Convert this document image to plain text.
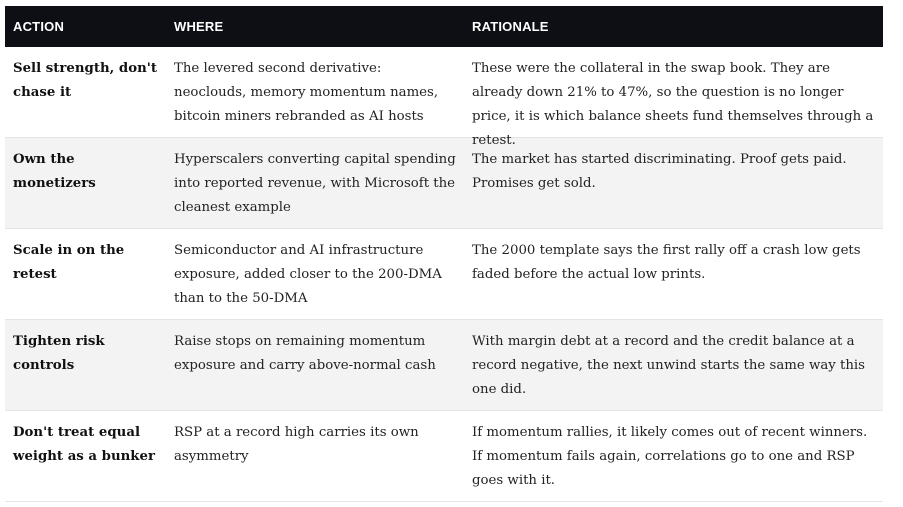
ACTION	WHERE	RATIONALE
Sell strength, don't chase it
The levered second derivative: neoclouds, memory momentum names, bitcoin miners rebranded as AI hosts
These were the collateral in the swap book. They are already down 21% to 47%, so the question is no longer price, it is which balance sheets fund themselves through a retest.
Own the monetizers
Hyperscalers converting capital spending into reported revenue, with Microsoft the cleanest example
The market has started discriminating. Proof gets paid. Promises get sold.
Scale in on the retest
Semiconductor and AI infrastructure exposure, added closer to the 200-DMA than to the 50-DMA
The 2000 template says the first rally off a crash low gets faded before the actual low prints.
Tighten risk controls
Raise stops on remaining momentum exposure and carry above-normal cash
With margin debt at a record and the credit balance at a record negative, the next unwind starts the same way this one did.
Don't treat equal weight as a bunker
RSP at a record high carries its own asymmetry
If momentum rallies, it likely comes out of recent winners. If momentum fails again, correlations go to one and RSP goes with it.
